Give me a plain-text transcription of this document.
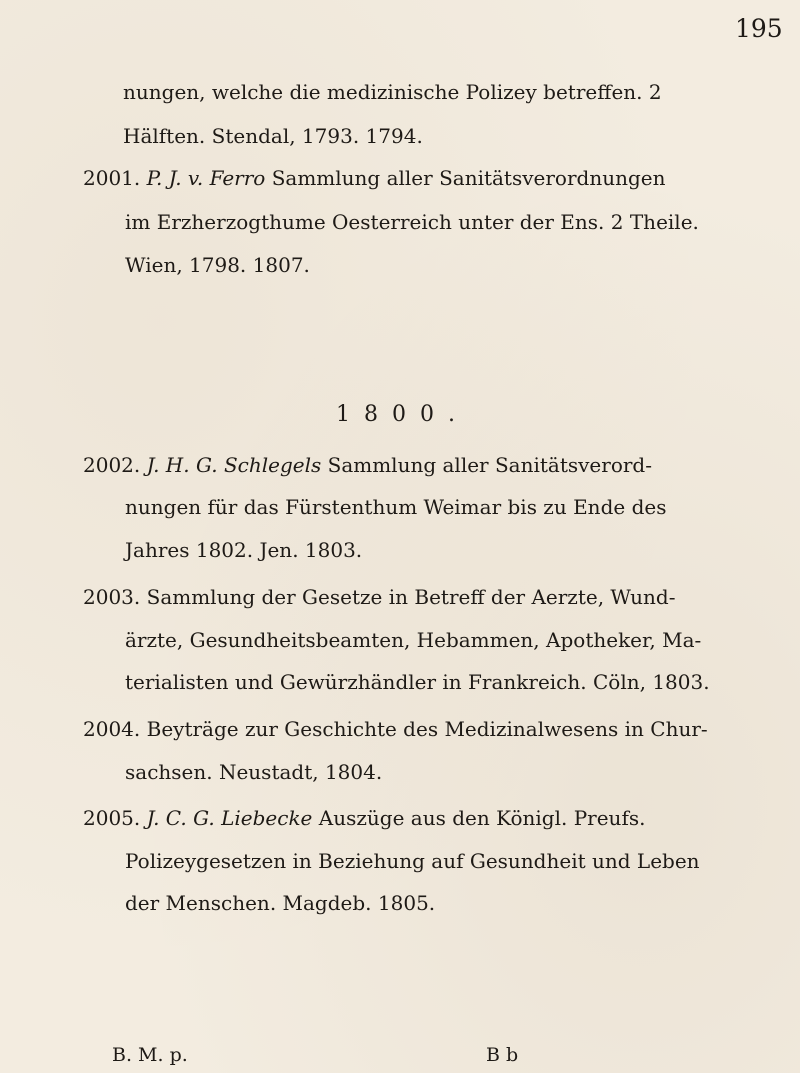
195
nungen, welche die medizinische Polizey betreffen. 2
Hälften. Stendal, 1793. 1794.
2001. P. J. v. Ferro Sammlung aller Sanitätsverordnungen
im Erzherzogthume Oesterreich unter der Ens. 2 Theile.
Wien, 1798. 1807.
1800.
2002. J. H. G. Schlegels Sammlung aller Sanitätsverord-
nungen für das Fürstenthum Weimar bis zu Ende des
Jahres 1802. Jen. 1803.
2003. Sammlung der Gesetze in Betreff der Aerzte, Wund-
ärzte, Gesundheitsbeamten, Hebammen, Apotheker, Ma-
terialisten und Gewürzhändler in Frankreich. Cöln, 1803.
2004. Beyträge zur Geschichte des Medizinalwesens in Chur-
sachsen. Neustadt, 1804.
2005. J. C. G. Liebecke Auszüge aus den Königl. Preufs.
Polizeygesetzen in Beziehung auf Gesundheit und Leben
der Menschen. Magdeb. 1805.
B. M. p.	B b
